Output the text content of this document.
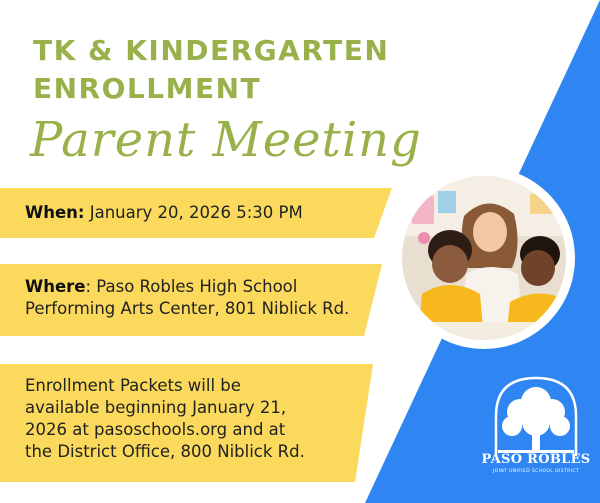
TK & KINDERGARTEN
ENROLLMENT
Parent Meeting
When: January 20, 2026 5:30 PM
Where: Paso Robles High School
Performing Arts Center, 801 Niblick Rd.
Enrollment Packets will be
available beginning January 21,
2026 at pasoschools.org and at
the District Office, 800 Niblick Rd.	PASO ROBLES
JOINT UNIFIED SCHOOL DISTRICT
